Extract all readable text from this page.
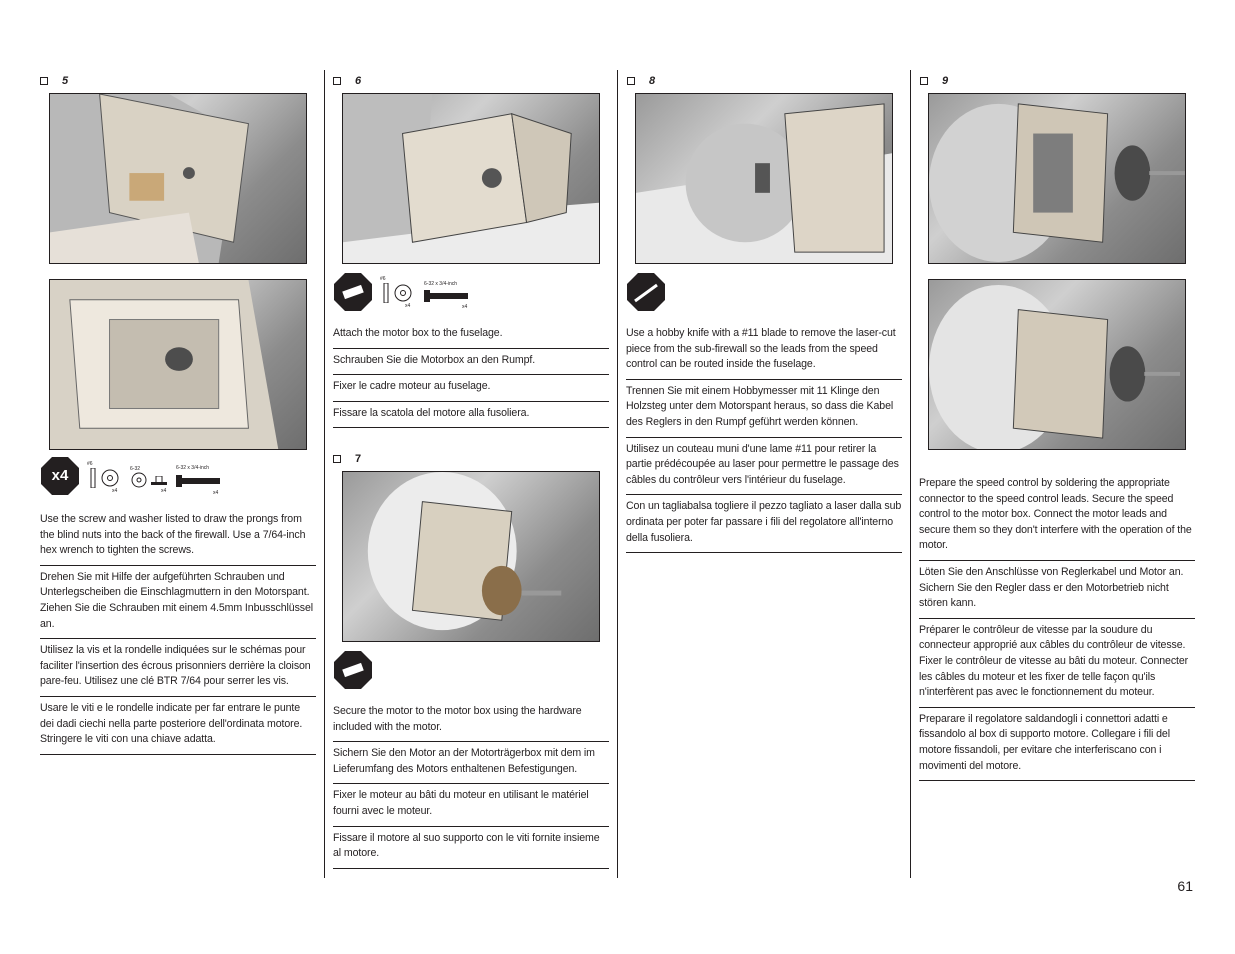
5
x4
#6
x4
6-32
x4
6-32 x 3/4-inch
x4
Use the screw and washer listed to draw the prongs from the blind nuts into the back of the firewall. Use a 7/64-inch hex wrench to tighten the screws.
Drehen Sie mit Hilfe der aufgeführten Schrauben und Unterlegscheiben die Einschlagmuttern in den Motorspant. Ziehen Sie die Schrauben mit einem 4.5mm Inbusschlüssel an.
Utilisez la vis et la rondelle indiquées sur le schémas pour faciliter l'insertion des écrous prisonniers derrière la cloison pare-feu. Utilisez une clé BTR 7/64 pour serrer les vis.
Usare le viti e le rondelle indicate per far entrare le punte dei dadi ciechi nella parte posteriore dell'ordinata motore. Stringere le viti con una chiave adatta.
6
#6
x4
6-32 x 3/4-inch
x4
Attach the motor box to the fuselage.
Schrauben Sie die Motorbox an den Rumpf.
Fixer le cadre moteur au fuselage.
Fissare la scatola del motore alla fusoliera.
7
Secure the motor to the motor box using the hardware included with the motor.
Sichern Sie den Motor an der Motorträgerbox mit dem im Lieferumfang des Motors enthaltenen Befestigungen.
Fixer le moteur au bâti du moteur en utilisant le matériel fourni avec le moteur.
Fissare il motore al suo supporto con le viti fornite insieme al motore.
8
Use a hobby knife with a #11 blade to remove the laser-cut piece from the sub-firewall so the leads from the speed control can be routed inside the fuselage.
Trennen Sie mit einem Hobbymesser mit 11 Klinge den Holzsteg unter dem Motorspant heraus, so dass die Kabel des Reglers in den Rumpf geführt werden können.
Utilisez un couteau muni d'une lame #11 pour retirer la partie prédécoupée au laser pour permettre le passage des câbles du contrôleur vers l'intérieur du fuselage.
Con un tagliabalsa togliere il pezzo tagliato a laser dalla sub ordinata per poter far passare i fili del regolatore all'interno della fusoliera.
9
Prepare the speed control by soldering the appropriate connector to the speed control leads. Secure the speed control to the motor box. Connect the motor leads and secure them so they don't interfere with the operation of the motor.
Löten Sie den Anschlüsse von Reglerkabel und Motor an. Sichern Sie den Regler dass er den Motorbetrieb nicht stören kann.
Préparer le contrôleur de vitesse par la soudure du connecteur approprié aux câbles du contrôleur de vitesse. Fixer le contrôleur de vitesse au bâti du moteur. Connecter les câbles du moteur et les fixer de telle façon qu'ils n'interfèrent pas avec le fonctionnement du moteur.
Preparare il regolatore saldandogli i connettori adatti e fissandolo al box di supporto motore. Collegare i fili del motore fissandoli, per evitare che interferiscano con i movimenti del motore.
61
